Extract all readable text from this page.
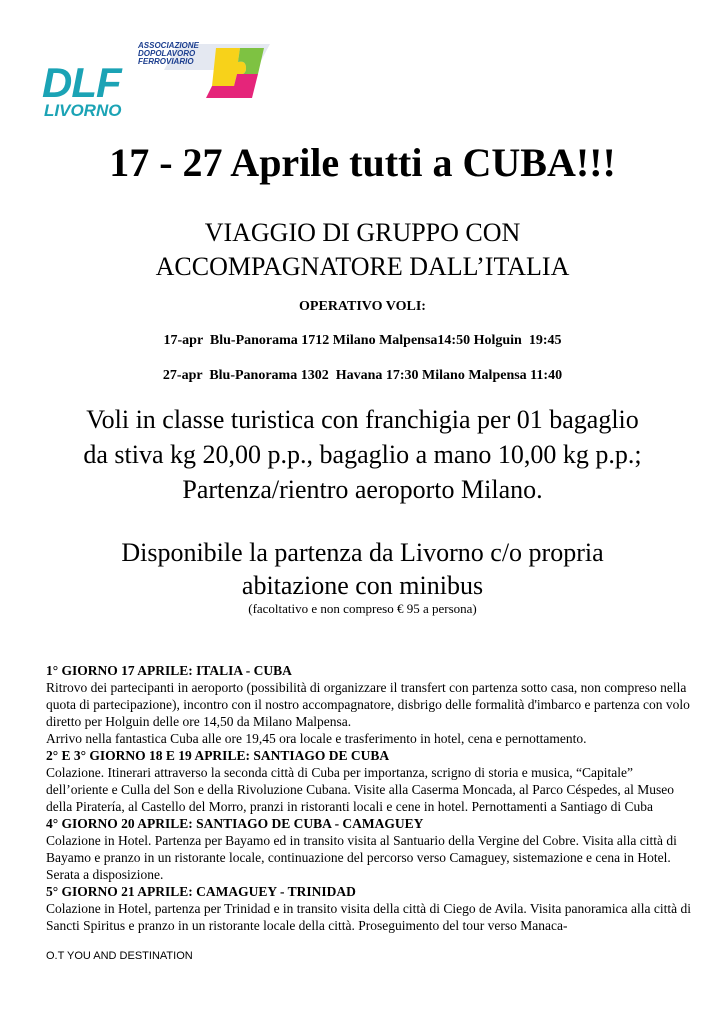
ASSOCIAZIONE
DOPOLAVORO
FERROVIARIO
DLF
LIVORNO
17 - 27 Aprile tutti a CUBA!!!
VIAGGIO DI GRUPPO CON
ACCOMPAGNATORE DALL’ITALIA
OPERATIVO VOLI:
17-apr  Blu-Panorama 1712 Milano Malpensa14:50 Holguin  19:45
27-apr  Blu-Panorama 1302  Havana 17:30 Milano Malpensa 11:40
Voli in classe turistica con franchigia per 01 bagaglio
da stiva kg 20,00 p.p., bagaglio a mano 10,00 kg p.p.;
Partenza/rientro aeroporto Milano.
Disponibile la partenza da Livorno c/o propria
abitazione con minibus
(facoltativo e non compreso € 95 a persona)

1° GIORNO 17 APRILE: ITALIA - CUBA

Ritrovo dei partecipanti in aeroporto (possibilità di organizzare il transfert con partenza sotto casa, non compreso nella quota di partecipazione), incontro con il nostro accompagnatore, disbrigo delle formalità d'imbarco e partenza con volo diretto per Holguin delle ore 14,50 da Milano Malpensa.

Arrivo nella fantastica Cuba alle ore 19,45 ora locale e trasferimento in hotel, cena e pernottamento.

2° E 3° GIORNO 18 E 19 APRILE: SANTIAGO DE CUBA

Colazione. Itinerari attraverso la seconda città di Cuba per importanza, scrigno di storia e musica, “Capitale” dell’oriente e Culla del Son e della Rivoluzione Cubana. Visite alla Caserma Moncada, al Parco Céspedes, al Museo della Piratería, al Castello del Morro, pranzi in ristoranti locali e cene in hotel. Pernottamenti a Santiago di Cuba

4° GIORNO 20 APRILE: SANTIAGO DE CUBA - CAMAGUEY

Colazione in Hotel. Partenza per Bayamo ed in transito visita al Santuario della Vergine del Cobre. Visita alla città di Bayamo e pranzo in un ristorante locale, continuazione del percorso verso Camaguey, sistemazione e cena in Hotel. Serata a disposizione.

5° GIORNO 21 APRILE: CAMAGUEY - TRINIDAD

Colazione in Hotel, partenza per Trinidad e in transito visita della città di Ciego de Avila. Visita panoramica alla città di Sancti Spiritus e pranzo in un ristorante locale della città. Proseguimento del tour verso Manaca-

O.T YOU AND DESTINATION
